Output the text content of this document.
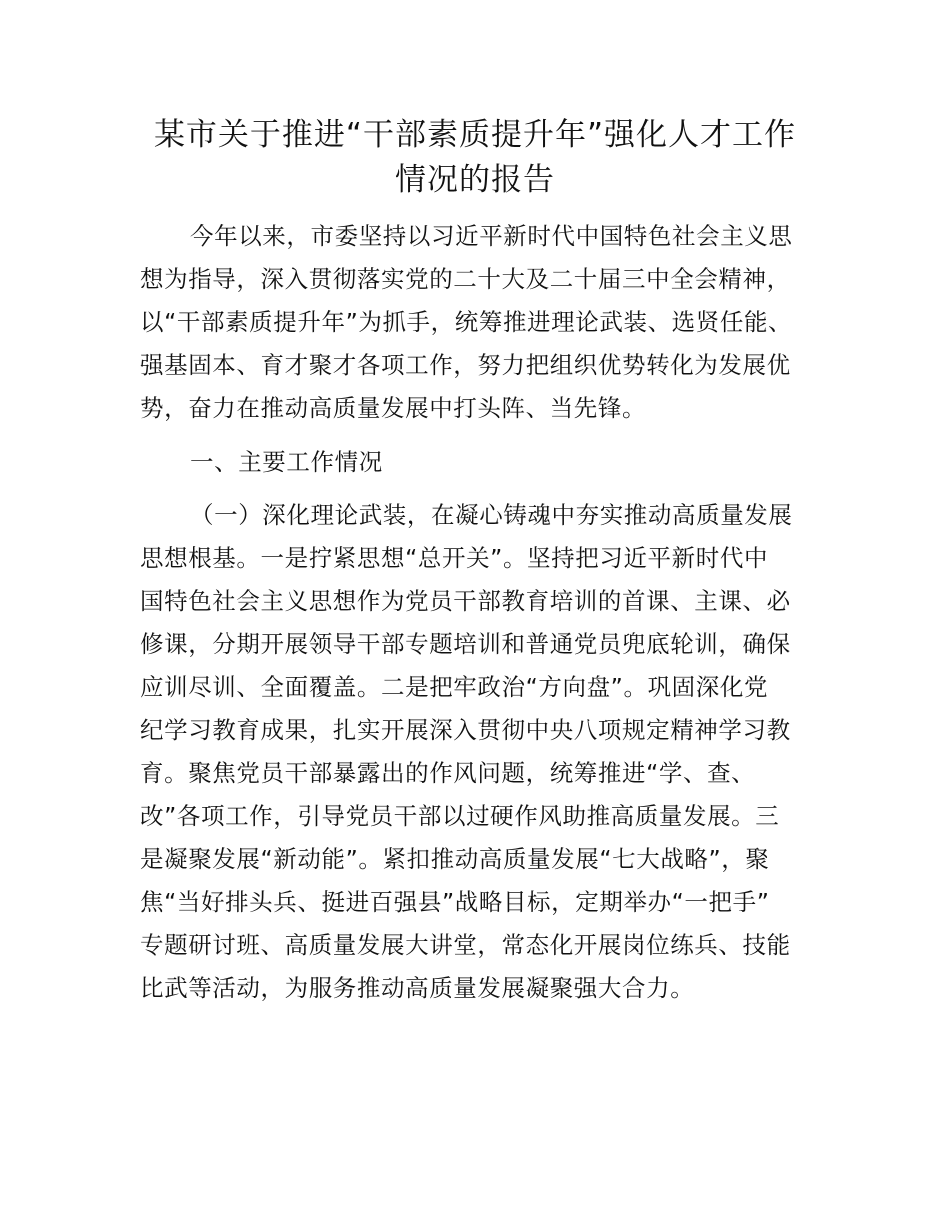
某市关于推进“干部素质提升年”强化人才工作
情况的报告

今年以来，市委坚持以习近平新时代中国特色社会主义思

想为指导，深入贯彻落实党的二十大及二十届三中全会精神，

以“干部素质提升年”为抓手，统筹推进理论武装、选贤任能、

强基固本、育才聚才各项工作，努力把组织优势转化为发展优

势，奋力在推动高质量发展中打头阵、当先锋。

一、主要工作情况

（一）深化理论武装，在凝心铸魂中夯实推动高质量发展

思想根基。一是拧紧思想“总开关”。坚持把习近平新时代中

国特色社会主义思想作为党员干部教育培训的首课、主课、必

修课，分期开展领导干部专题培训和普通党员兜底轮训，确保

应训尽训、全面覆盖。二是把牢政治“方向盘”。巩固深化党

纪学习教育成果，扎实开展深入贯彻中央八项规定精神学习教

育。聚焦党员干部暴露出的作风问题，统筹推进“学、查、

改”各项工作，引导党员干部以过硬作风助推高质量发展。三

是凝聚发展“新动能”。紧扣推动高质量发展“七大战略”，聚

焦“当好排头兵、挺进百强县”战略目标，定期举办“一把手”

专题研讨班、高质量发展大讲堂，常态化开展岗位练兵、技能

比武等活动，为服务推动高质量发展凝聚强大合力。
